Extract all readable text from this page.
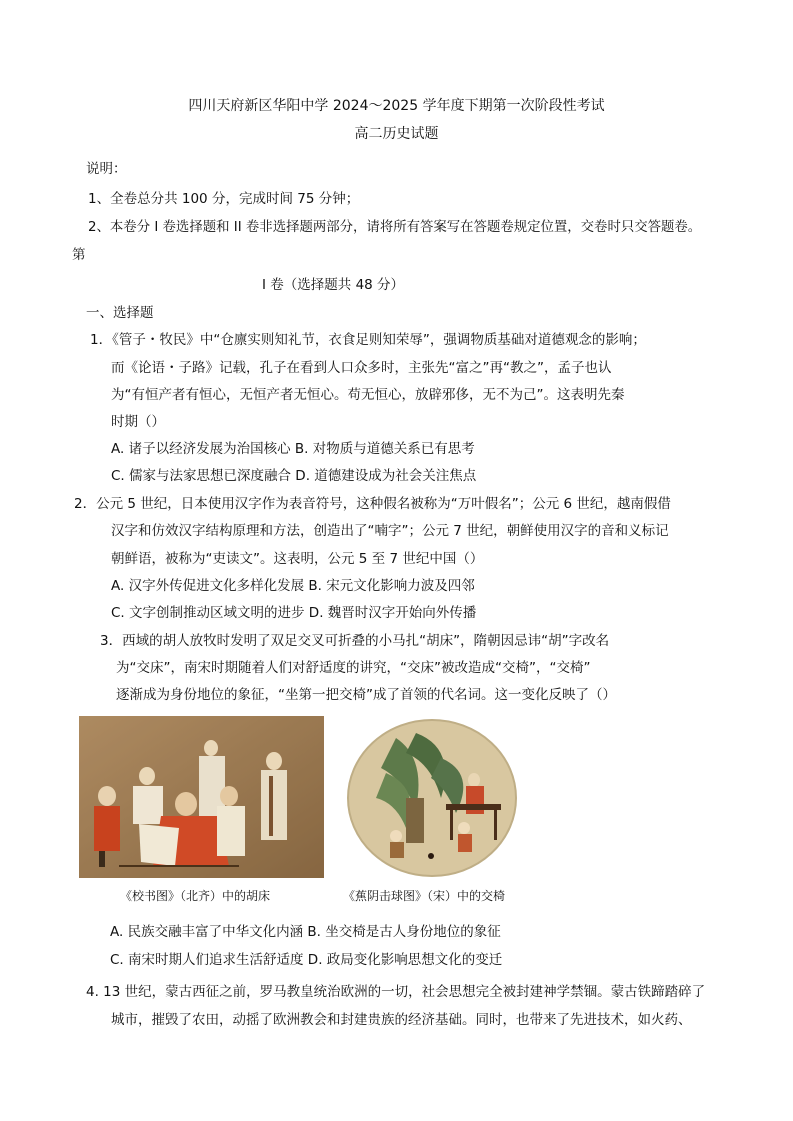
四川天府新区华阳中学 2024～2025 学年度下期第一次阶段性考试
高二历史试题
说明：
1、全卷总分共 100 分，完成时间 75 分钟；
2、本卷分 I 卷选择题和 II 卷非选择题两部分，请将所有答案写在答题卷规定位置，交卷时只交答题卷。
第
I 卷（选择题共 48 分）
一、选择题
1．《管子・牧民》中“仓廪实则知礼节，衣食足则知荣辱”，强调物质基础对道德观念的影响；
而《论语・子路》记载，孔子在看到人口众多时，主张先“富之”再“教之”，孟子也认
为“有恒产者有恒心，无恒产者无恒心。苟无恒心，放辟邪侈，无不为己”。这表明先秦
时期（）
A. 诸子以经济发展为治国核心 B. 对物质与道德关系已有思考
C. 儒家与法家思想已深度融合 D. 道德建设成为社会关注焦点
2．公元 5 世纪，日本使用汉字作为表音符号，这种假名被称为“万叶假名”；公元 6 世纪，越南假借
汉字和仿效汉字结构原理和方法，创造出了“喃字”；公元 7 世纪，朝鲜使用汉字的音和义标记
朝鲜语，被称为“吏读文”。这表明，公元 5 至 7 世纪中国（）
A. 汉字外传促进文化多样化发展 B. 宋元文化影响力波及四邻
C. 文字创制推动区域文明的进步 D. 魏晋时汉字开始向外传播
3．西域的胡人放牧时发明了双足交叉可折叠的小马扎“胡床”，隋朝因忌讳“胡”字改名
为“交床”，南宋时期随着人们对舒适度的讲究，“交床”被改造成“交椅”，“交椅”
逐渐成为身份地位的象征，“坐第一把交椅”成了首领的代名词。这一变化反映了（）
《校书图》（北齐）中的胡床	《蕉阴击球图》（宋）中的交椅
A. 民族交融丰富了中华文化内涵 B. 坐交椅是古人身份地位的象征
C. 南宋时期人们追求生活舒适度 D. 政局变化影响思想文化的变迁
4. 13 世纪，蒙古西征之前，罗马教皇统治欧洲的一切，社会思想完全被封建神学禁锢。蒙古铁蹄踏碎了
城市，摧毁了农田，动摇了欧洲教会和封建贵族的经济基础。同时，也带来了先进技术，如火药、
